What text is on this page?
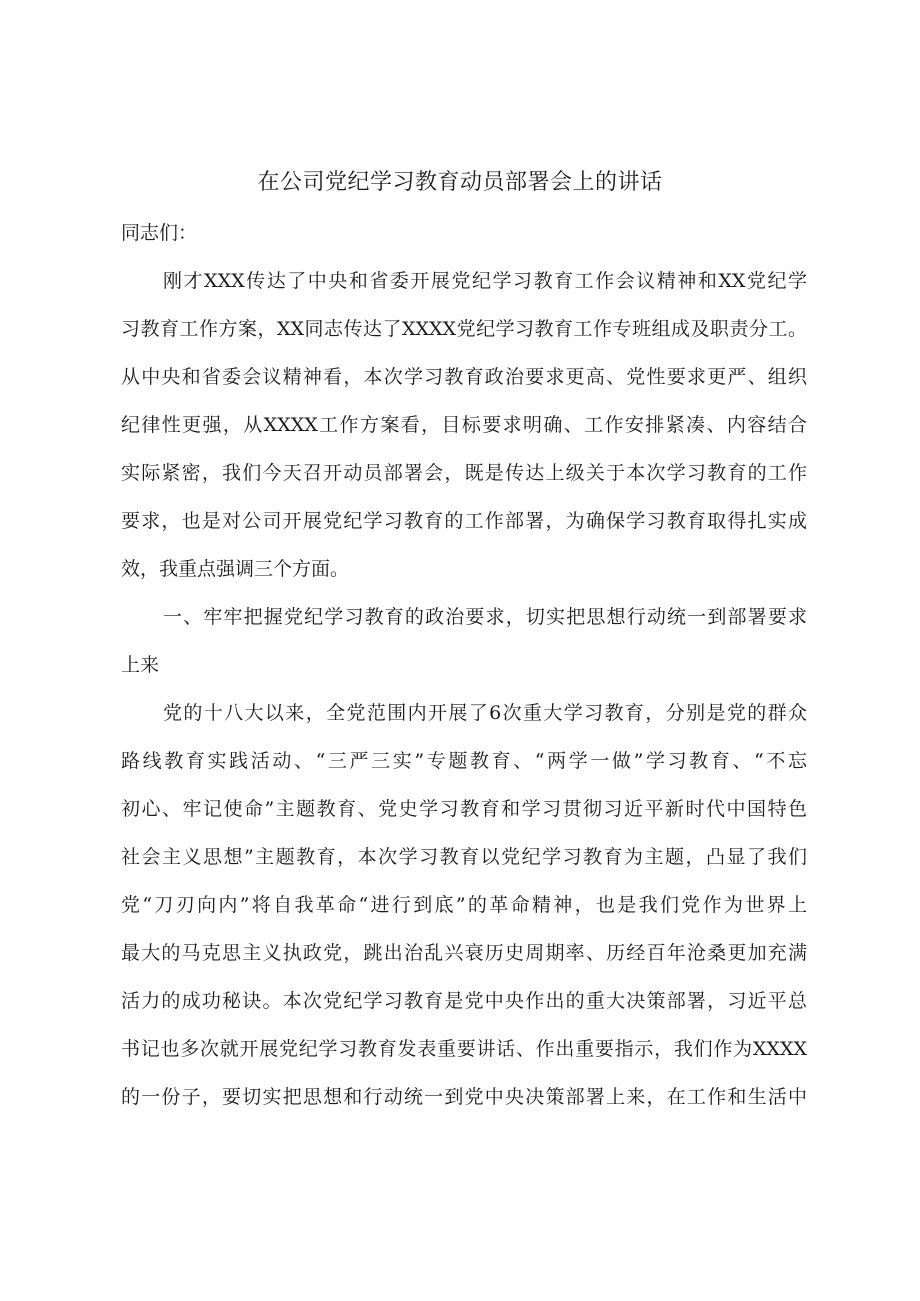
在公司党纪学习教育动员部署会上的讲话
同志们：
刚才XXX传达了中央和省委开展党纪学习教育工作会议精神和XX党纪学
习教育工作方案，XX同志传达了XXXX党纪学习教育工作专班组成及职责分工。
从中央和省委会议精神看，本次学习教育政治要求更高、党性要求更严、组织
纪律性更强，从XXXX工作方案看，目标要求明确、工作安排紧凑、内容结合
实际紧密，我们今天召开动员部署会，既是传达上级关于本次学习教育的工作
要求，也是对公司开展党纪学习教育的工作部署，为确保学习教育取得扎实成
效，我重点强调三个方面。
一、牢牢把握党纪学习教育的政治要求，切实把思想行动统一到部署要求
上来
党的十八大以来，全党范围内开展了6次重大学习教育，分别是党的群众
路线教育实践活动、“三严三实”专题教育、“两学一做”学习教育、“不忘
初心、牢记使命”主题教育、党史学习教育和学习贯彻习近平新时代中国特色
社会主义思想”主题教育，本次学习教育以党纪学习教育为主题，凸显了我们
党“刀刃向内”将自我革命“进行到底”的革命精神，也是我们党作为世界上
最大的马克思主义执政党，跳出治乱兴衰历史周期率、历经百年沧桑更加充满
活力的成功秘诀。本次党纪学习教育是党中央作出的重大决策部署，习近平总
书记也多次就开展党纪学习教育发表重要讲话、作出重要指示，我们作为XXXX
的一份子，要切实把思想和行动统一到党中央决策部署上来，在工作和生活中
